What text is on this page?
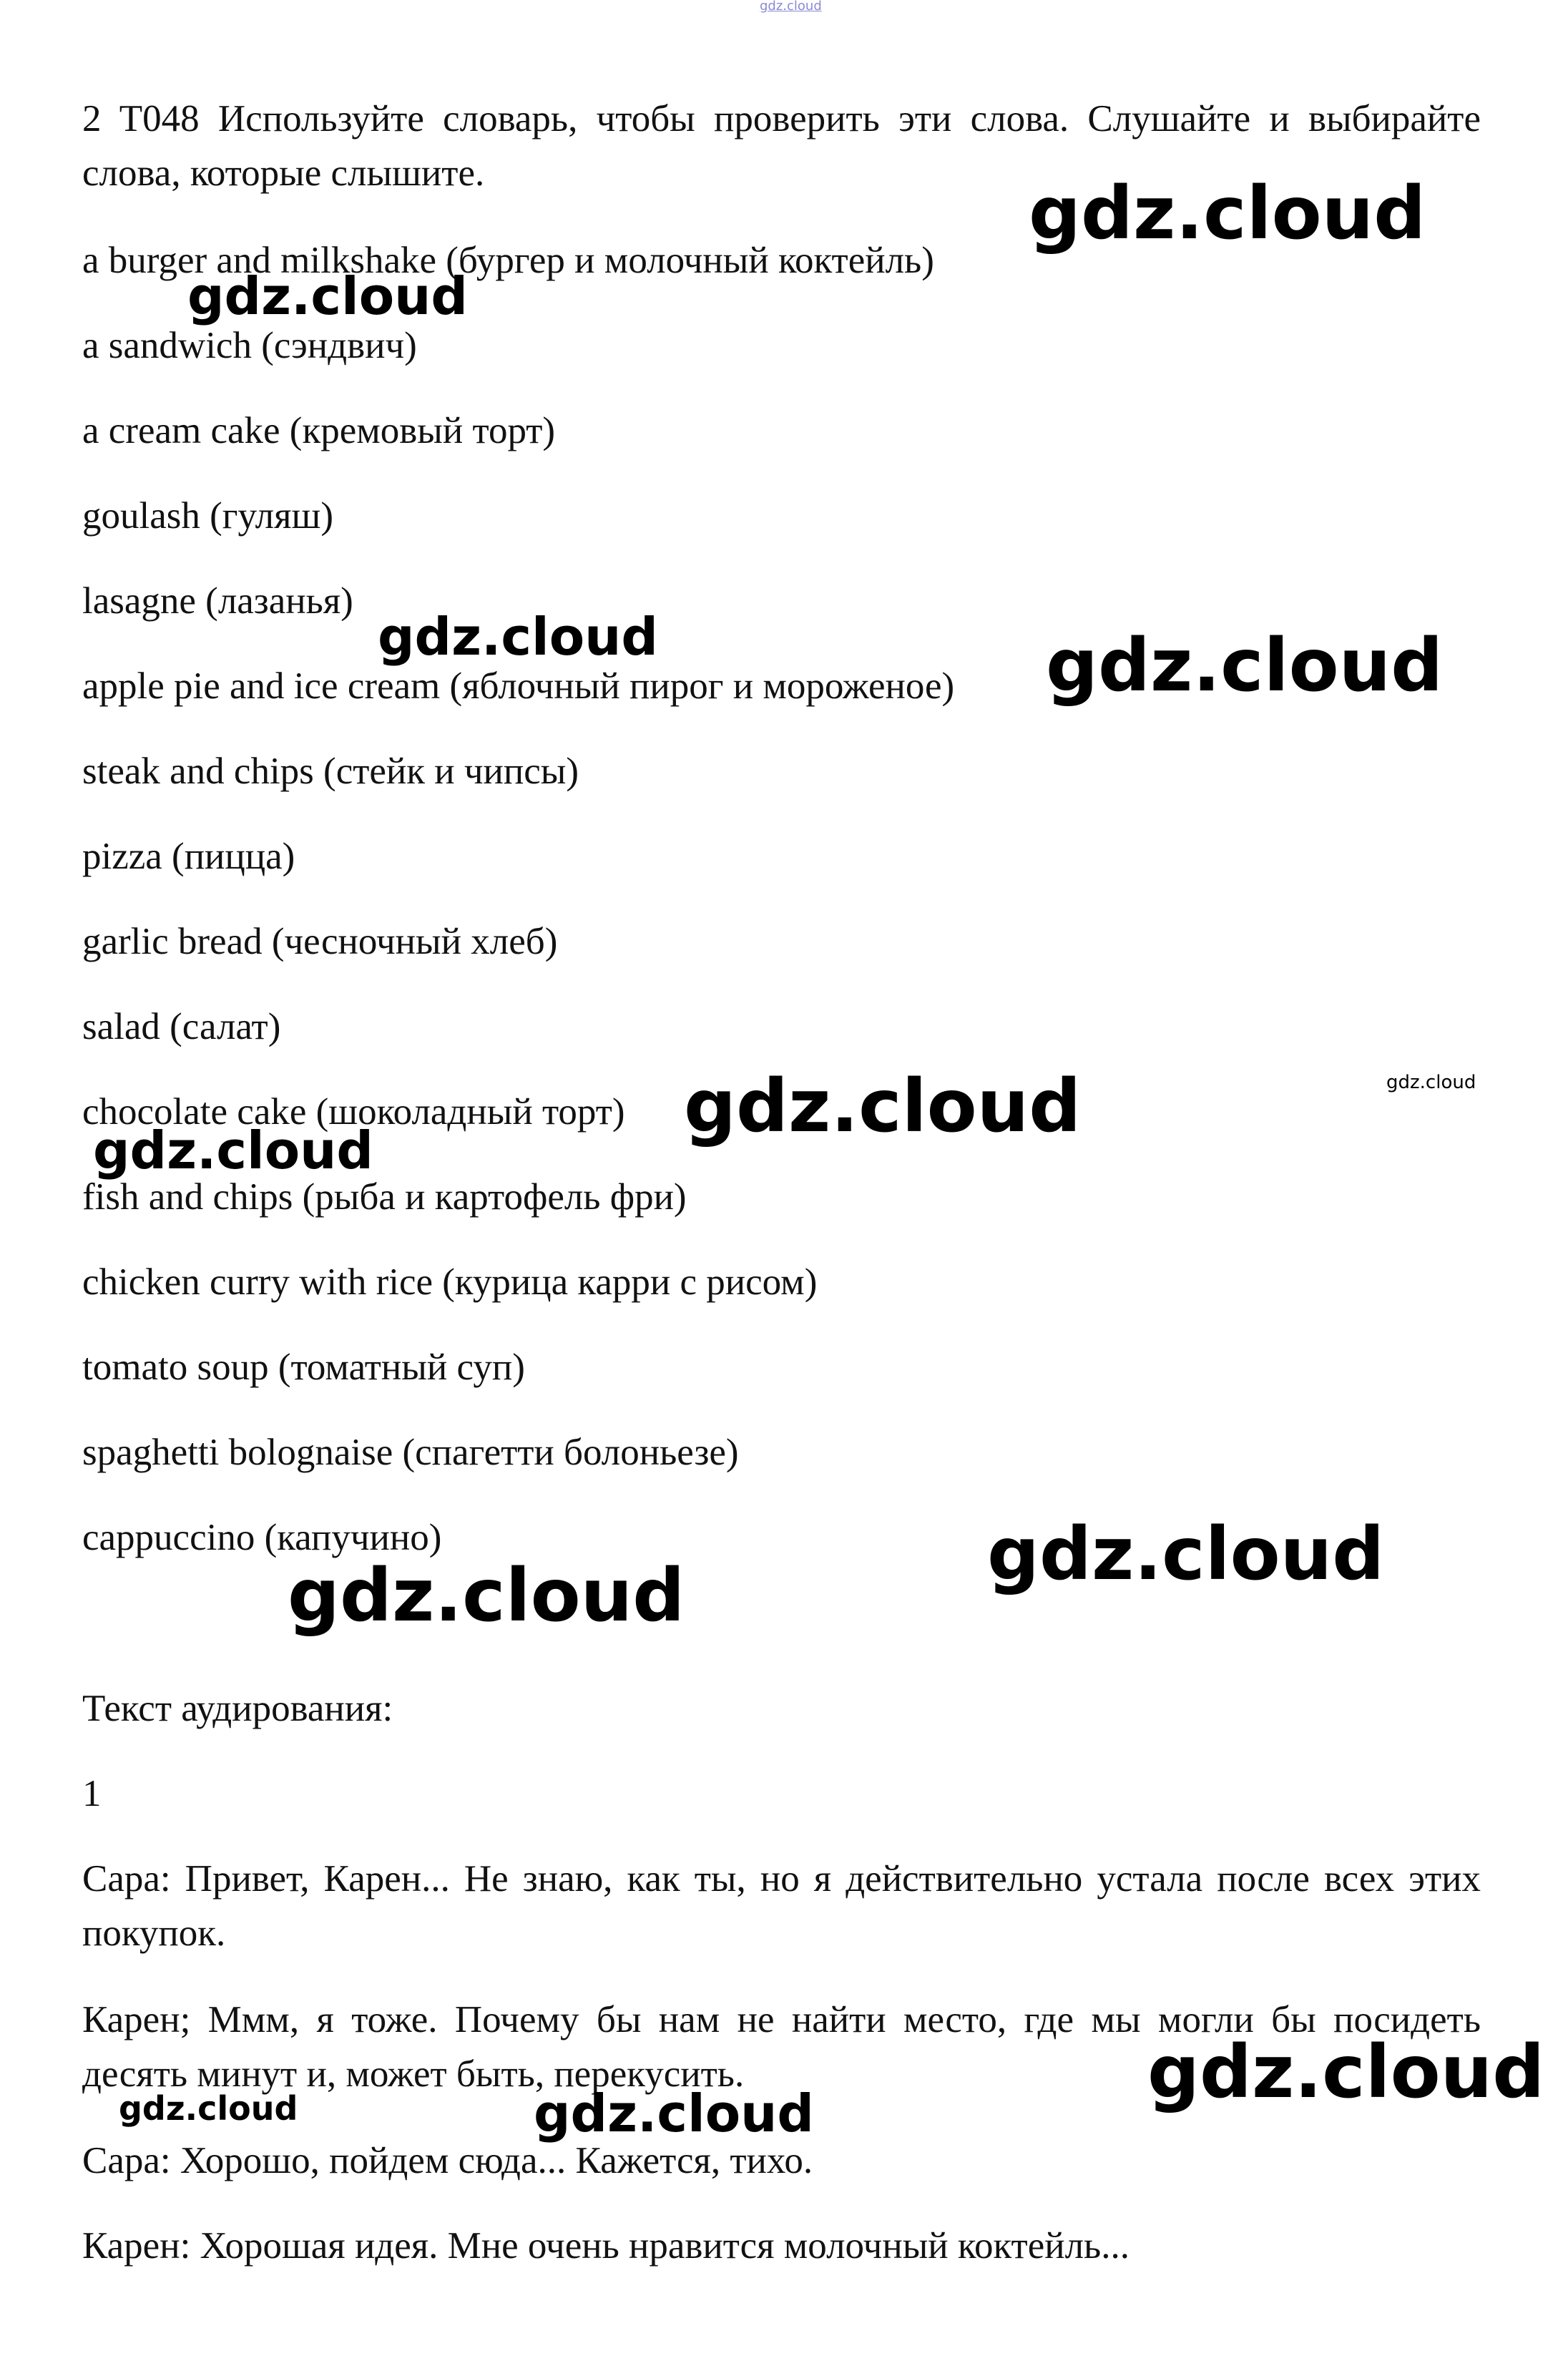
gdz.cloud
2 T048 Используйте словарь, чтобы проверить эти слова. Слушайте и выбирайте слова, которые слышите.
a burger and milkshake (бургер и молочный коктейль)
a sandwich (сэндвич)
a cream cake (кремовый торт)
goulash (гуляш)
lasagne (лазанья)
apple pie and ice cream (яблочный пирог и мороженое)
steak and chips (стейк и чипсы)
pizza (пицца)
garlic bread (чесночный хлеб)
salad (салат)
chocolate cake (шоколадный торт)
fish and chips (рыба и картофель фри)
chicken curry with rice (курица карри с рисом)
tomato soup (томатный суп)
spaghetti bolognaise (спагетти болоньезе)
cappuccino (капучино)
Текст аудирования:
1
Сара: Привет, Карен... Не знаю, как ты, но я действительно устала после всех этих покупок.
Карен; Ммм, я тоже. Почему бы нам не найти место, где мы могли бы посидеть десять минут и, может быть, перекусить.
Сара: Хорошо, пойдем сюда... Кажется, тихо.
Карен: Хорошая идея. Мне очень нравится молочный коктейль...
gdz.cloud
gdz.cloud
gdz.cloud	gdz.cloud
gdz.cloud	gdz.cloud
gdz.cloud
gdz.cloud
gdz.cloud
gdz.cloud
gdz.cloud	gdz.cloud
